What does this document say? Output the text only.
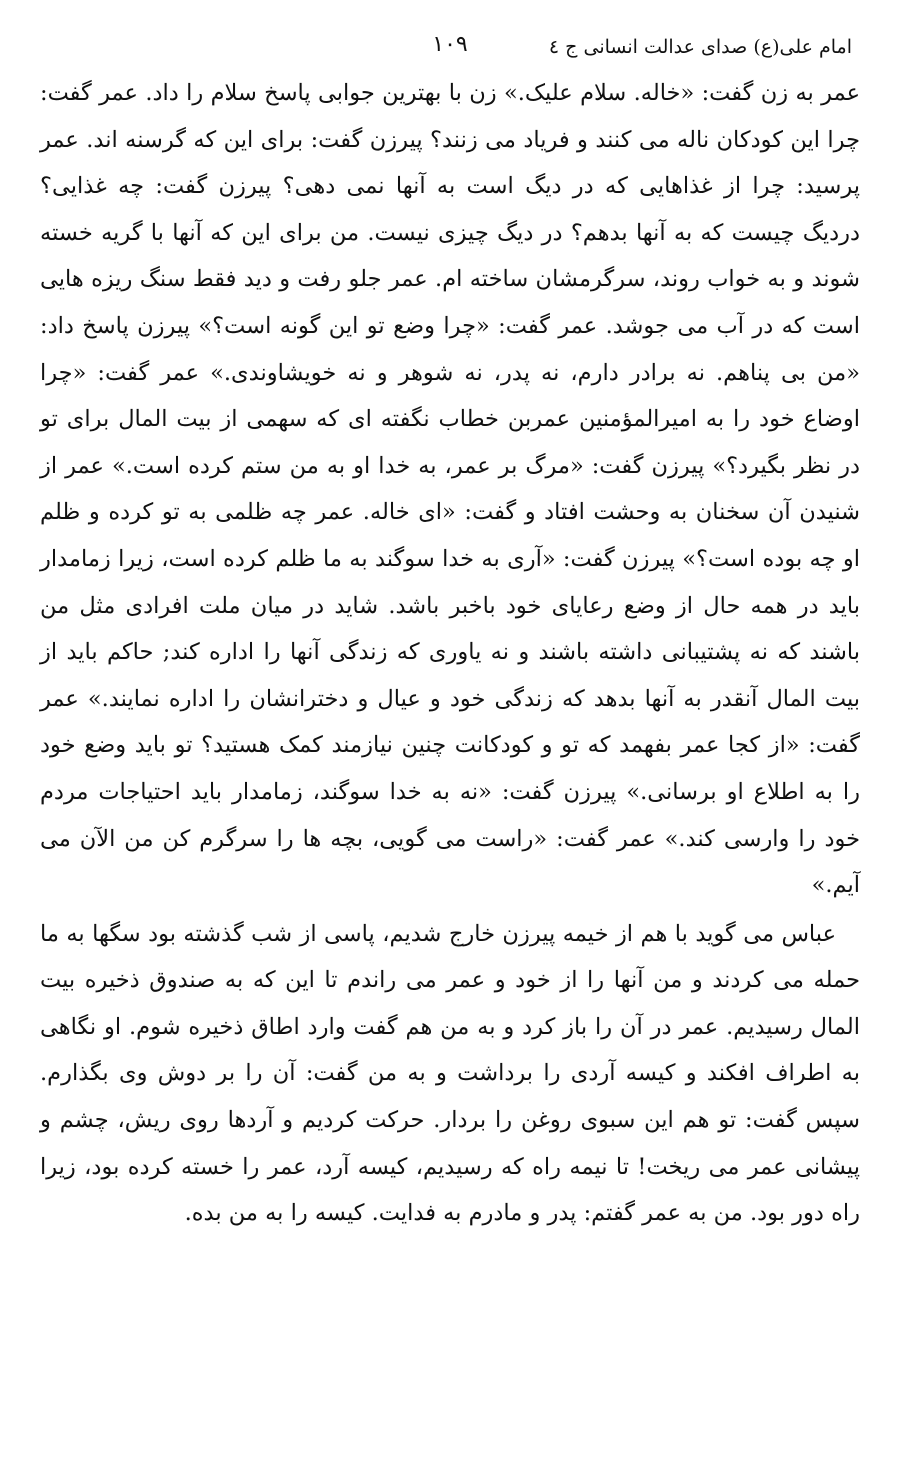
امام علی(ع) صدای عدالت انسانی ج ٤
١٠٩

عمر به زن گفت: «خاله. سلام علیک.» زن با بهترین جوابی پاسخ سلام را داد. عمر گفت: چرا این کودکان ناله می کنند و فریاد می زنند؟ پیرزن گفت: برای این که گرسنه اند. عمر پرسید: چرا از غذاهایی که در دیگ است به آنها نمی دهی؟ پیرزن گفت: چه غذایی؟ دردیگ چیست که به آنها بدهم؟ در دیگ چیزی نیست. من برای این که آنها با گریه خسته شوند و به خواب روند، سرگرمشان ساخته ام. عمر جلو رفت و دید فقط سنگ ریزه هایی است که در آب می جوشد. عمر گفت: «چرا وضع تو این گونه است؟» پیرزن پاسخ داد: «من بی پناهم. نه برادر دارم، نه پدر، نه شوهر و نه خویشاوندی.» عمر گفت: «چرا اوضاع خود را به امیرالمؤمنین عمربن خطاب نگفته ای که سهمی از بیت المال برای تو در نظر بگیرد؟» پیرزن گفت: «مرگ بر عمر، به خدا او به من ستم کرده است.» عمر از شنیدن آن سخنان به وحشت افتاد و گفت: «ای خاله. عمر چه ظلمی به تو کرده و ظلم او چه بوده است؟» پیرزن گفت: «آری به خدا سوگند به ما ظلم کرده است، زیرا زمامدار باید در همه حال از وضع رعایای خود باخبر باشد. شاید در میان ملت افرادی مثل من باشند که نه پشتیبانی داشته باشند و نه یاوری که زندگی آنها را اداره کند; حاکم باید از بیت المال آنقدر به آنها بدهد که زندگی خود و عیال و دخترانشان را اداره نمایند.» عمر گفت: «از کجا عمر بفهمد که تو و کودکانت چنین نیازمند کمک هستید؟ تو باید وضع خود را به اطلاع او برسانی.» پیرزن گفت: «نه به خدا سوگند، زمامدار باید احتیاجات مردم خود را وارسی کند.» عمر گفت: «راست می گویی، بچه ها را سرگرم کن من الآن می آیم.»

عباس می گوید با هم از خیمه پیرزن خارج شدیم، پاسی از شب گذشته بود سگها به ما حمله می کردند و من آنها را از خود و عمر می راندم تا این که به صندوق ذخیره بیت المال رسیدیم. عمر در آن را باز کرد و به من هم گفت وارد اطاق ذخیره شوم. او نگاهی به اطراف افکند و کیسه آردی را برداشت و به من گفت: آن را بر دوش وی بگذارم. سپس گفت: تو هم این سبوی روغن را بردار. حرکت کردیم و آردها روی ریش، چشم و پیشانی عمر می ریخت! تا نیمه راه که رسیدیم، کیسه آرد، عمر را خسته کرده بود، زیرا راه دور بود. من به عمر گفتم: پدر و مادرم به فدایت. کیسه را به من بده.
